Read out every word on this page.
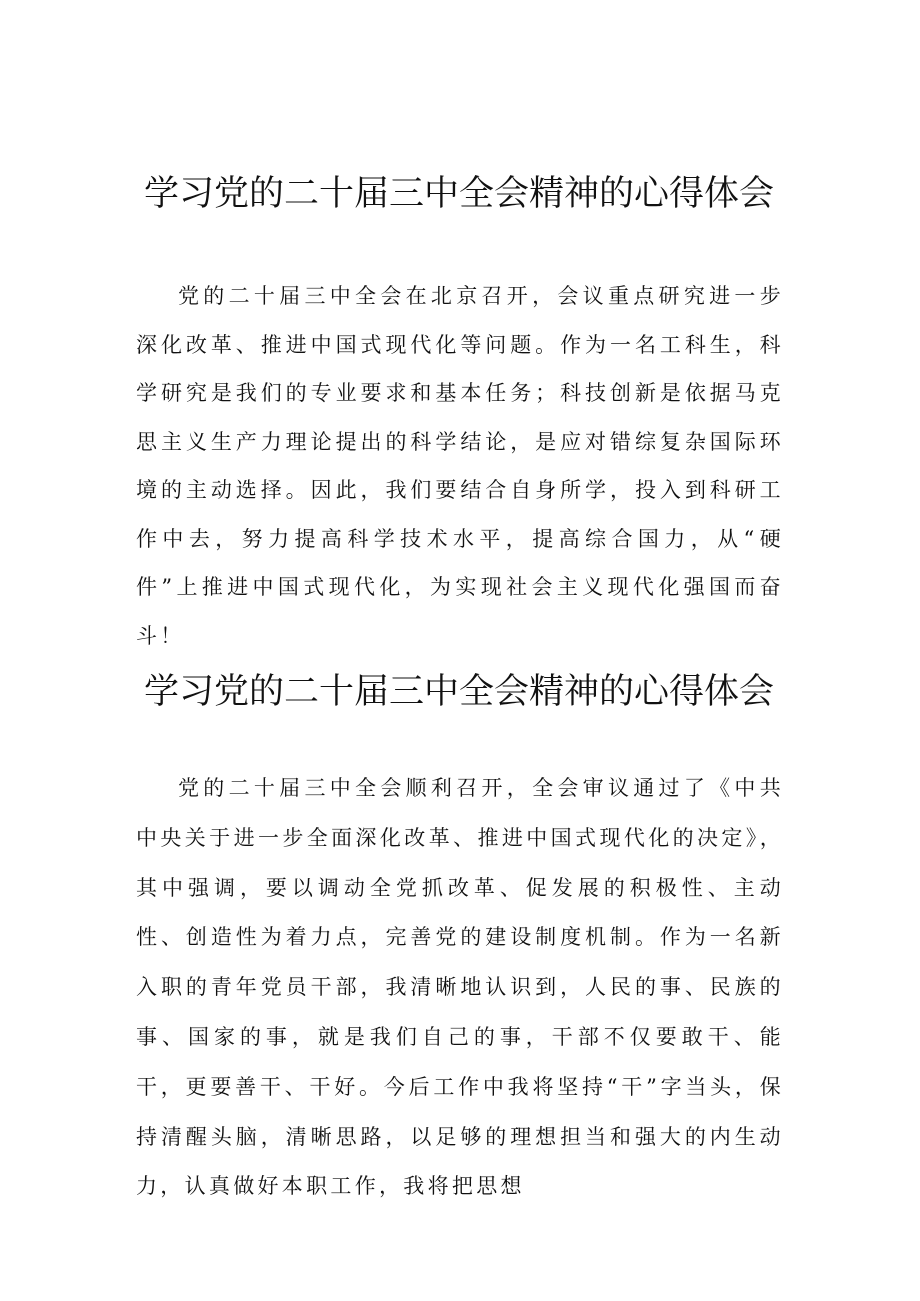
学习党的二十届三中全会精神的心得体会

党的二十届三中全会在北京召开，会议重点研究进一步深化改革、推进中国式现代化等问题。作为一名工科生，科学研究是我们的专业要求和基本任务；科技创新是依据马克思主义生产力理论提出的科学结论，是应对错综复杂国际环境的主动选择。因此，我们要结合自身所学，投入到科研工作中去，努力提高科学技术水平，提高综合国力，从“硬件”上推进中国式现代化，为实现社会主义现代化强国而奋斗！

学习党的二十届三中全会精神的心得体会

党的二十届三中全会顺利召开，全会审议通过了《中共中央关于进一步全面深化改革、推进中国式现代化的决定》，其中强调，要以调动全党抓改革、促发展的积极性、主动性、创造性为着力点，完善党的建设制度机制。作为一名新入职的青年党员干部，我清晰地认识到，人民的事、民族的事、国家的事，就是我们自己的事，干部不仅要敢干、能干，更要善干、干好。今后工作中我将坚持“干”字当头，保持清醒头脑，清晰思路，以足够的理想担当和强大的内生动力，认真做好本职工作，我将把思想
